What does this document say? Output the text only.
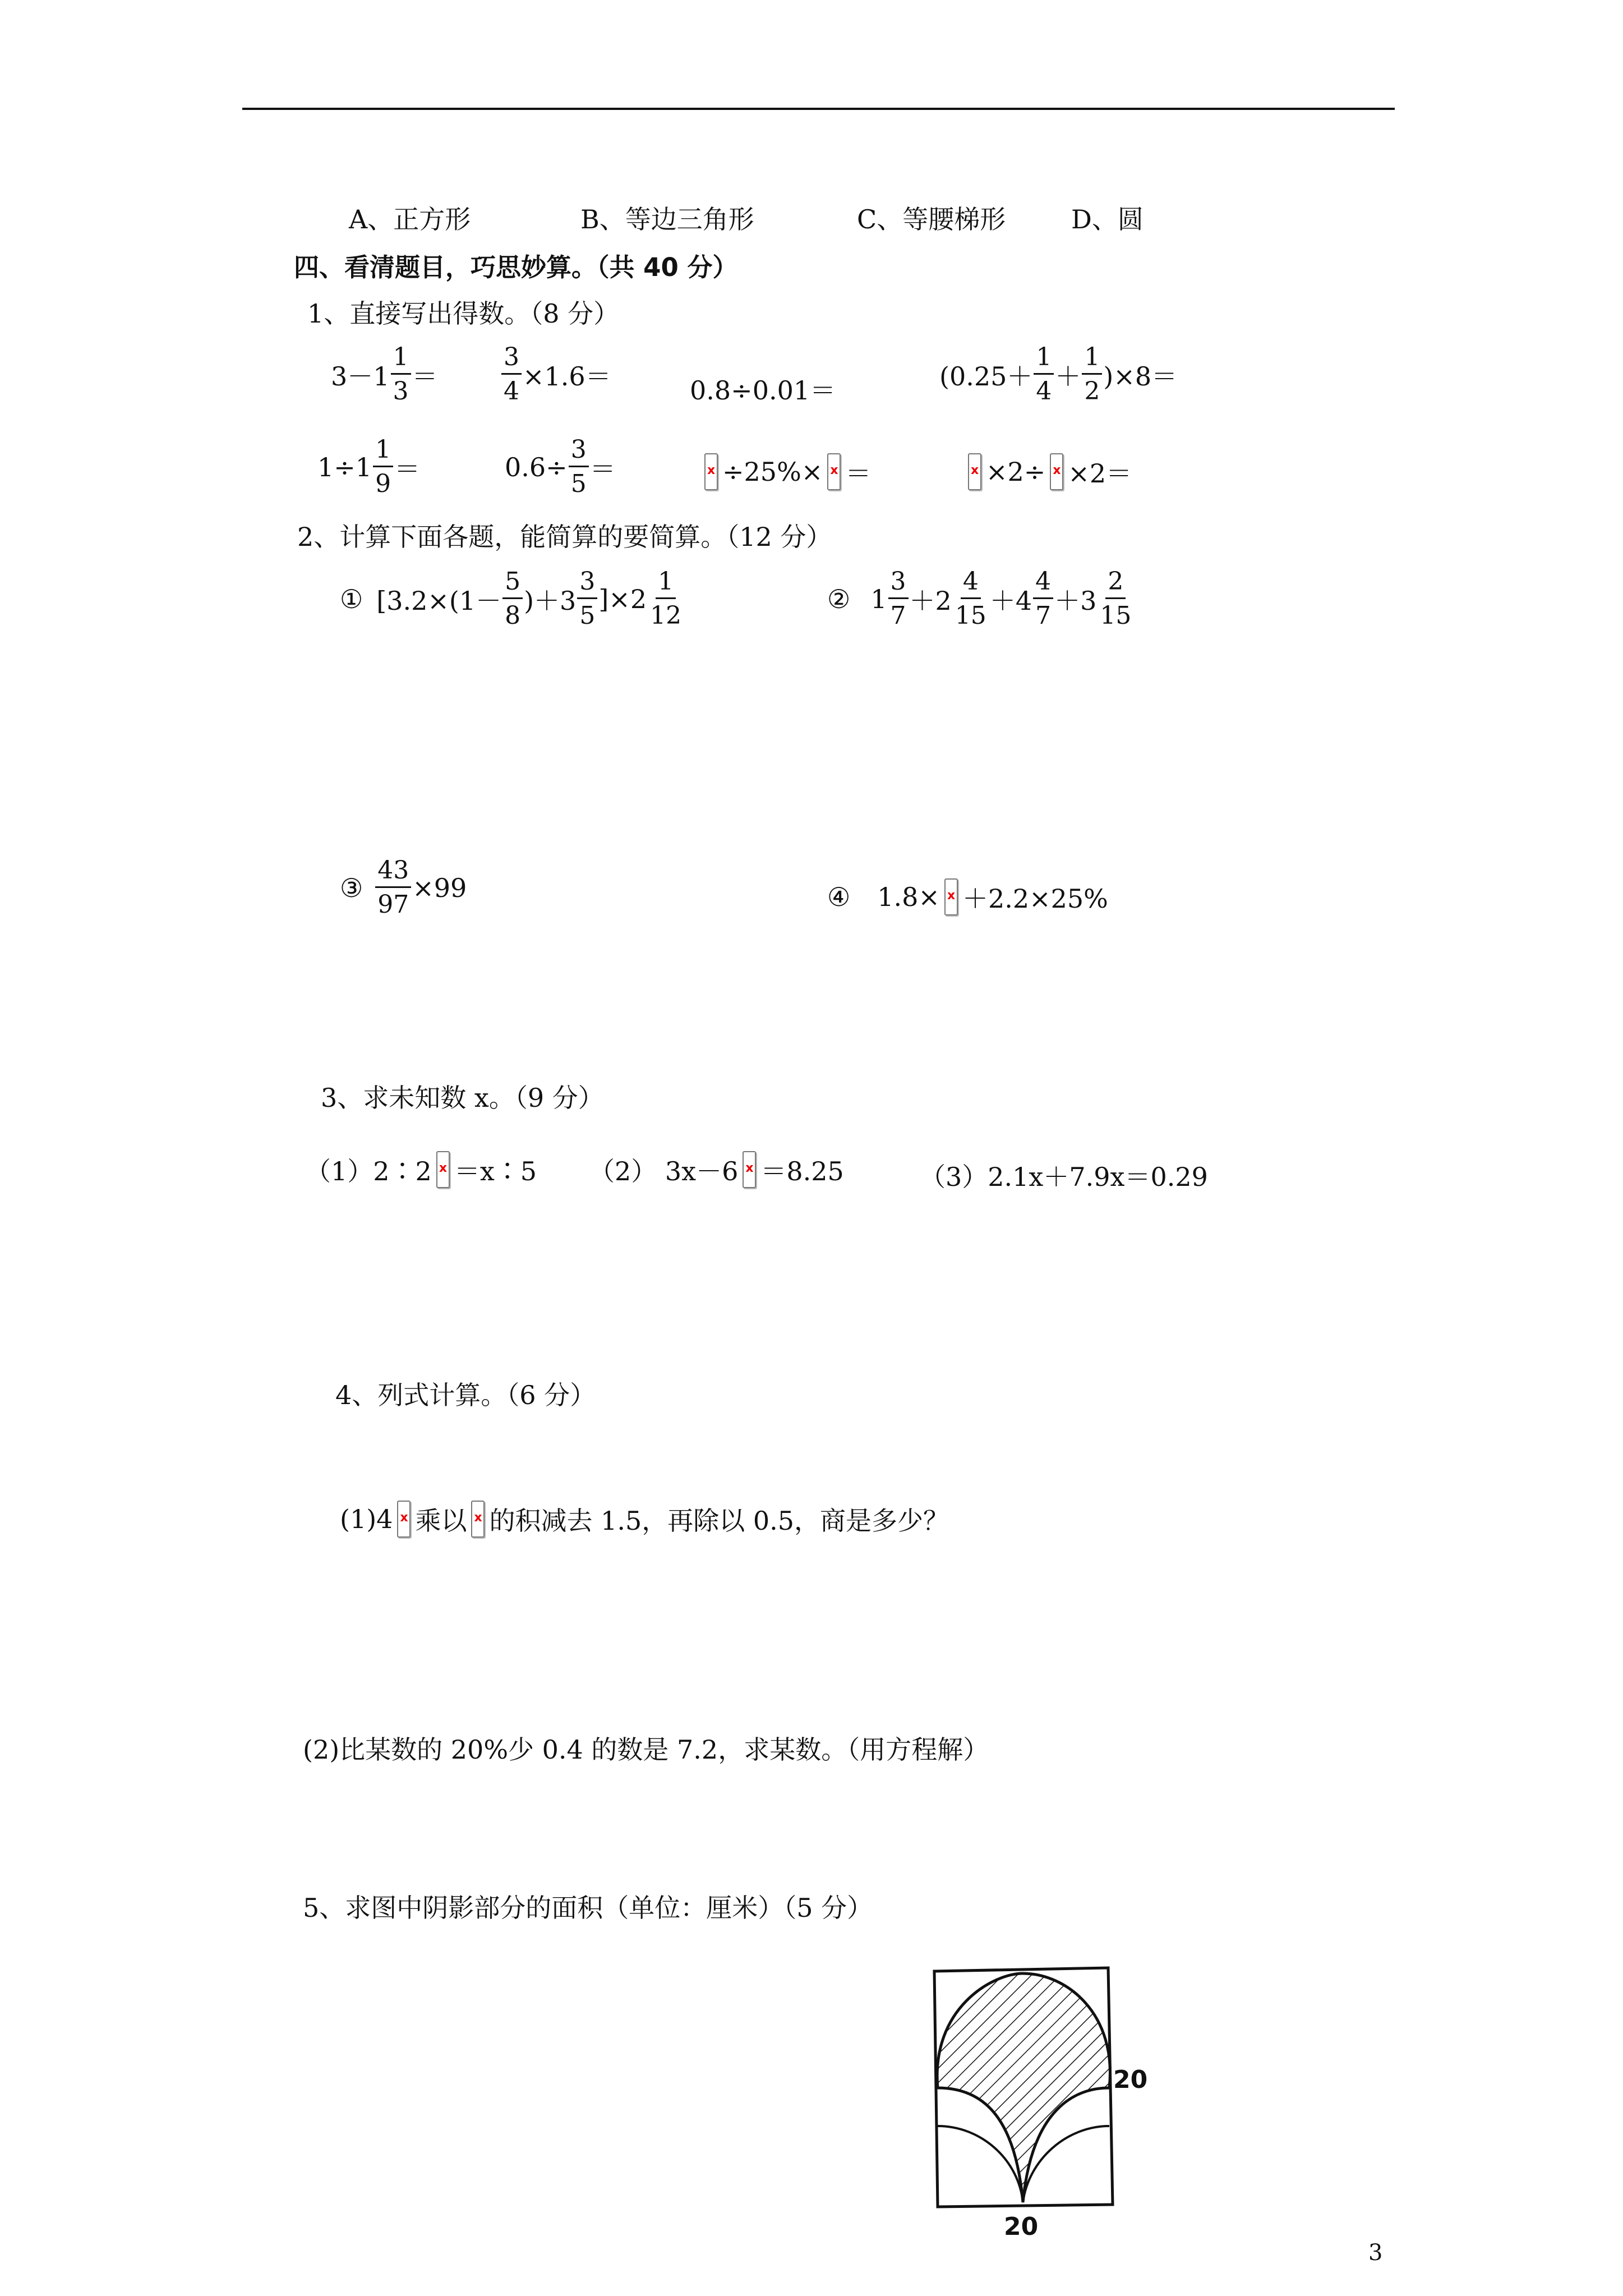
A、正方形	B、等边三角形	C、等腰梯形	D、圆
四、看清题目，巧思妙算。（共 40 分）
1、直接写出得数。（8 分）
$3-1 \frac{1}{3}$ ＝	$\frac{3}{4} \times 1.6=$	0.8÷0.01＝	$(0.25+ \frac{1}{4} + \frac{1}{2} )\times 8=$
$1\div 1 \frac{1}{9}$ ＝	$0.6\div \frac{3}{5}$ ＝
x	÷25%×
x ＝
x	×2÷
x ×2＝
2、计算下面各题，能简算的要简算。（12 分）
① $[3.2\times(1- \frac{5}{8} )+3 \frac{3}{5} ]\times 2 \frac{1}{12}$	② $1 \frac{3}{7} +2 \frac{4}{15} +4 \frac{4}{7} +3 \frac{2}{15}$
③ $\frac{43}{97} \times 99$	④ 1.8×
x ＋2.2×25%
3、求未知数 x。（9 分）
（1）2∶2
x ＝x∶5 （2） 3x－6
x ＝8.25	（3）2.1x＋7.9x＝0.29
4、列式计算。（6 分）
(1)4
x 乘以
x 的积减去 1.5，再除以 0.5，商是多少？
(2)比某数的 20%少 0.4 的数是 7.2，求某数。（用方程解）
5、求图中阴影部分的面积（单位：厘米）（5 分）
20
20
3
